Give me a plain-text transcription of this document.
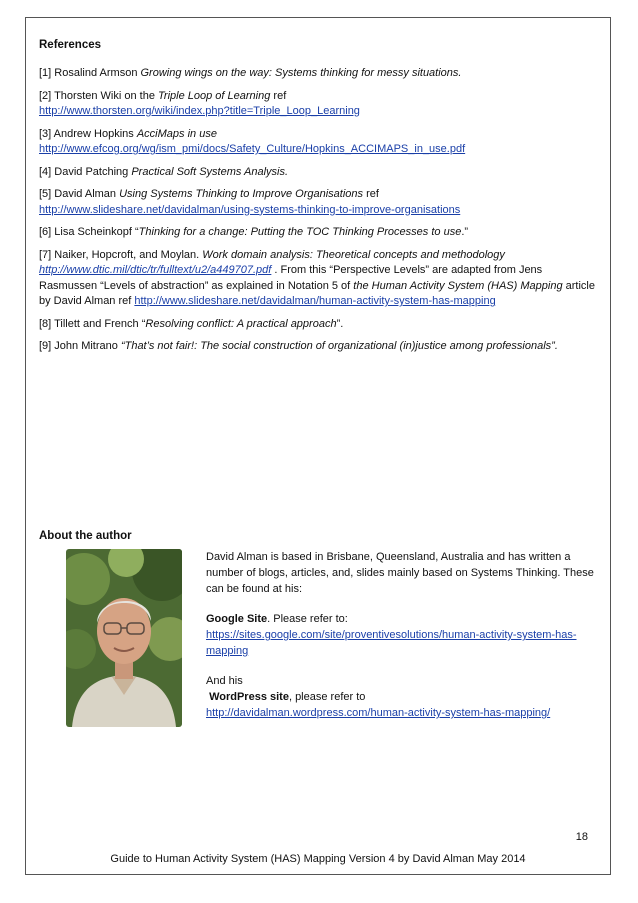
References

[1] Rosalind Armson Growing wings on the way: Systems thinking for messy situations.

[2] Thorsten Wiki on the Triple Loop of Learning ref
http://www.thorsten.org/wiki/index.php?title=Triple_Loop_Learning

[3] Andrew Hopkins AcciMaps in use
http://www.efcog.org/wg/ism_pmi/docs/Safety_Culture/Hopkins_ACCIMAPS_in_use.pdf

[4] David Patching Practical Soft Systems Analysis.

[5] David Alman Using Systems Thinking to Improve Organisations ref
http://www.slideshare.net/davidalman/using-systems-thinking-to-improve-organisations

[6] Lisa Scheinkopf “Thinking for a change: Putting the TOC Thinking Processes to use.”

[7] Naiker, Hopcroft, and Moylan. Work domain analysis: Theoretical concepts and methodology
http://www.dtic.mil/dtic/tr/fulltext/u2/a449707.pdf . From this “Perspective Levels” are adapted from Jens Rasmussen “Levels of abstraction” as explained in Notation 5 of the Human Activity System (HAS) Mapping article by David Alman ref http://www.slideshare.net/davidalman/human-activity-system-has-mapping

[8] Tillett and French “Resolving conflict: A practical approach”.

[9] John Mitrano “That’s not fair!: The social construction of organizational (in)justice among professionals”.

About the author

David Alman is based in Brisbane, Queensland, Australia and has written a number of blogs, articles, and, slides mainly based on Systems Thinking. These can be found at his:

Google Site. Please refer to:

https://sites.google.com/site/proventivesolutions/human-activity-system-has-mapping

And his

WordPress site, please refer to

http://davidalman.wordpress.com/human-activity-system-has-mapping/

18
Guide to Human Activity System (HAS) Mapping Version 4 by David Alman May 2014
